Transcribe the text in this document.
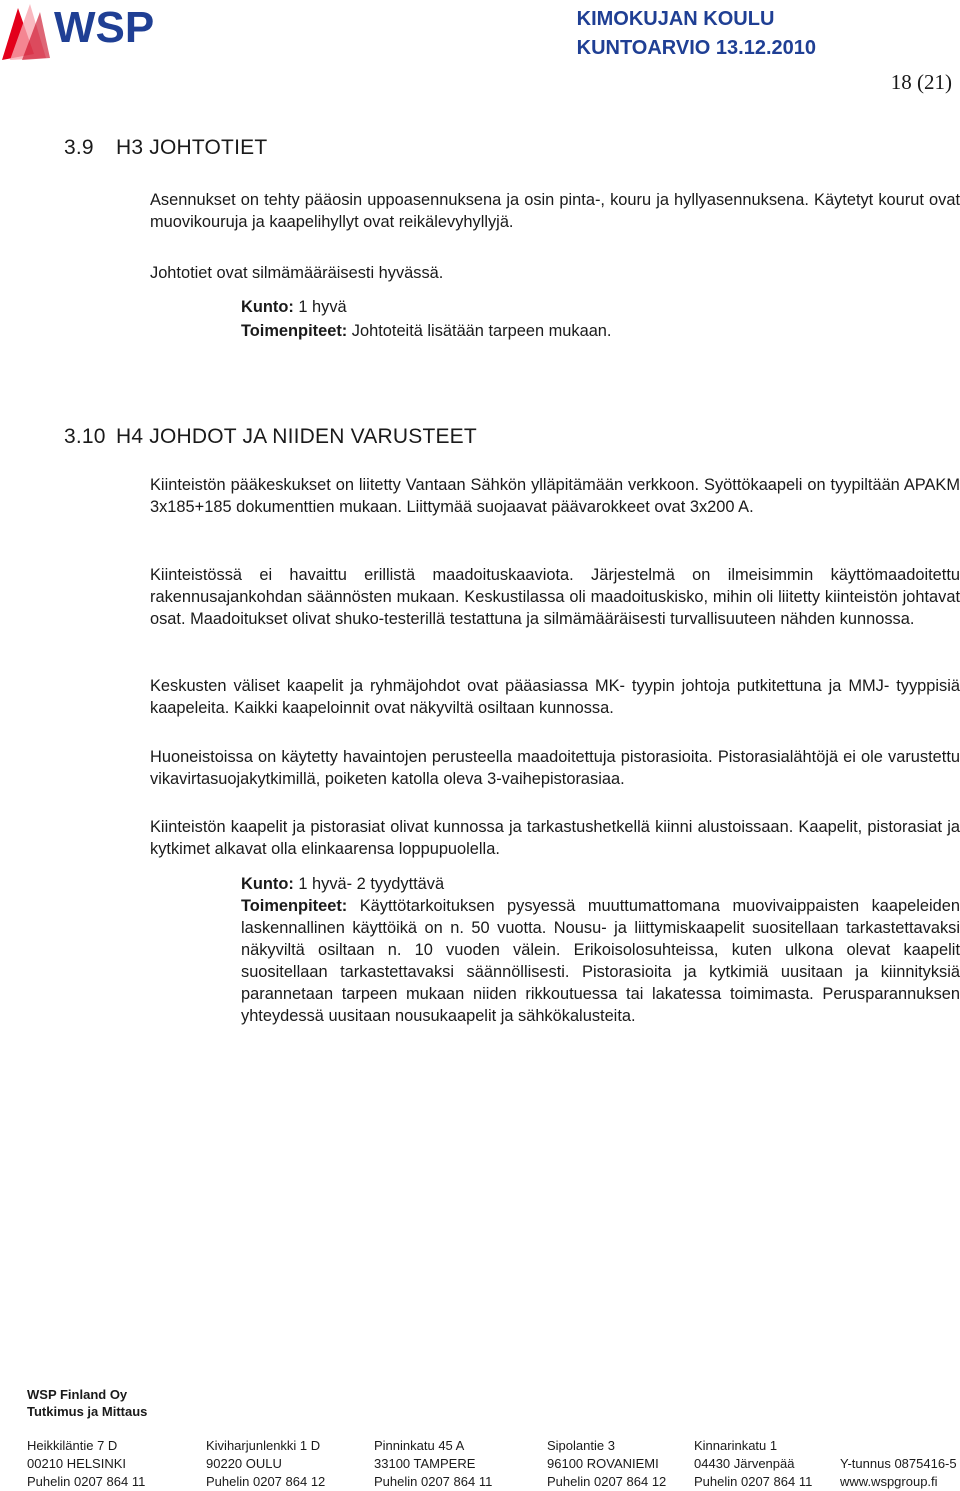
WSP	KIMOKUJAN KOULU
KUNTOARVIO 13.12.2010
18 (21)
3.9 H3 JOHTOTIET

Asennukset on tehty pääosin uppoasennuksena ja osin pinta-, kouru ja hyllyasennuksena. Käytetyt kourut ovat muovikouruja ja kaapelihyllyt ovat reikälevyhyllyjä.

Johtotiet ovat silmämääräisesti hyvässä.

Kunto: 1 hyvä

Toimenpiteet: Johtoteitä lisätään tarpeen mukaan.

3.10 H4 JOHDOT JA NIIDEN VARUSTEET

Kiinteistön pääkeskukset on liitetty Vantaan Sähkön ylläpitämään verkkoon. Syöttökaapeli on tyypiltään APAKM 3x185+185 dokumenttien mukaan. Liittymää suojaavat päävarokkeet ovat 3x200 A.

Kiinteistössä ei havaittu erillistä maadoituskaaviota. Järjestelmä on ilmeisimmin käyttömaadoitettu rakennusajankohdan säännösten mukaan. Keskustilassa oli maadoituskisko, mihin oli liitetty kiinteistön johtavat osat. Maadoitukset olivat shuko-testerillä testattuna ja silmämääräisesti turvallisuuteen nähden kunnossa.

Keskusten väliset kaapelit ja ryhmäjohdot ovat pääasiassa MK- tyypin johtoja putkitettuna ja MMJ- tyyppisiä kaapeleita. Kaikki kaapeloinnit ovat näkyviltä osiltaan kunnossa.

Huoneistoissa on käytetty havaintojen perusteella maadoitettuja pistorasioita. Pistorasialähtöjä ei ole varustettu vikavirtasuojakytkimillä, poiketen katolla oleva 3-vaihepistorasiaa.

Kiinteistön kaapelit ja pistorasiat olivat kunnossa ja tarkastushetkellä kiinni alustoissaan. Kaapelit, pistorasiat ja kytkimet alkavat olla elinkaarensa loppupuolella.

Kunto: 1 hyvä- 2 tyydyttävä

Toimenpiteet: Käyttötarkoituksen pysyessä muuttumattomana muovivaippaisten kaapeleiden laskennallinen käyttöikä on n. 50 vuotta. Nousu- ja liittymiskaapelit suositellaan tarkastettavaksi näkyviltä osiltaan n. 10 vuoden välein. Erikoisolosuhteissa, kuten ulkona olevat kaapelit suositellaan tarkastettavaksi säännöllisesti. Pistorasioita ja kytkimiä uusitaan ja kiinnityksiä parannetaan tarpeen mukaan niiden rikkoutuessa tai lakatessa toimimasta. Perusparannuksen yhteydessä uusitaan nousukaapelit ja sähkökalusteita.

WSP Finland Oy
Tutkimus ja Mittaus
Heikkiläntie 7 D
00210 HELSINKI
Puhelin 0207 864 11
Kiviharjunlenkki 1 D
90220 OULU
Puhelin 0207 864 12
Pinninkatu 45 A
33100 TAMPERE
Puhelin 0207 864 11
Sipolantie 3
96100 ROVANIEMI
Puhelin 0207 864 12
Kinnarinkatu 1
04430 Järvenpää
Puhelin 0207 864 11

Y-tunnus 0875416-5
www.wspgroup.fi
